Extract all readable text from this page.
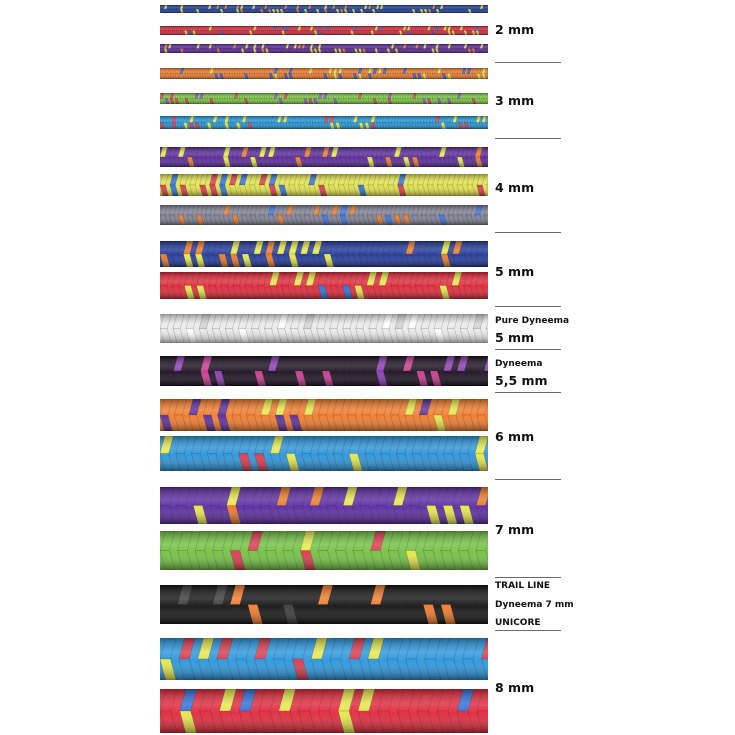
2 mm
3 mm
4 mm
5 mm
Pure Dyneema
5 mm
Dyneema
5,5 mm
6 mm
7 mm
TRAIL LINE
Dyneema 7 mm
UNICORE
8 mm
